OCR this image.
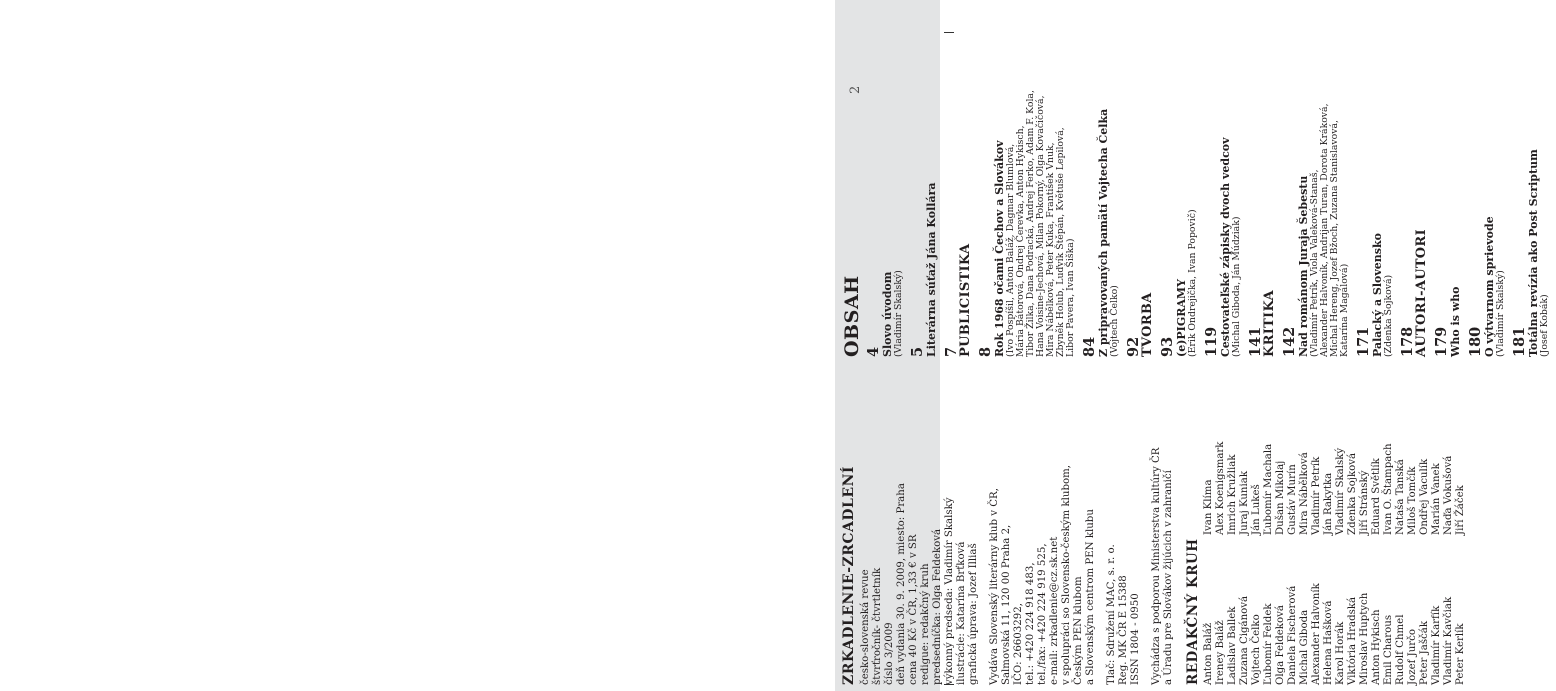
2
OBSAH 4 Slovo úvodom (Vladimír Skalský) 5 Literárna súťaž Jána Kollára 7
PUBLICISTIKA 8 Rok 1968 očami Čechov a Slovákov (Ivo Pospíšil, Anton Baláž, Dagmar Blumlová, Mária Bátorová, Ondrej Čerevka, Anton Hykisch, Tibor Žilka, Dana Podracká, Andrej Ferko, Adam F. Kola, Hana Voisine-Jechová, Milan Pokorný, Olga Kovačičová, Mira Nábělková, Peter Kuka, František Vnuk, Zbyněk Holub, Luďvík Štěpán, Květuše Lepilová, Libor Pavera, Ivan Šiška) 84 Z pripravovaných pamätí Vojtecha Čelka (Vojtech Čelko) 92
TVORBA 93 (e)PIGRAMY (Erik Ondrejička, Ivan Popovič) 119 Cestovateľské zápisky dvoch vedcov (Michal Giboda, Ján Múdziak) 141
KRITIKA 142 Nad románom Juraja Šebestu (Vladimír Petrík, Viola Valeková-Stanaš, Alexander Halvoník, Andrijan Turan, Dorota Kráková, Michal Hereng, Jozef Bžoch, Zuzana Stanislavová, Katarína Magálová) 171 Palacký a Slovensko (Zdenka Sojková) 178
AUTORI-AUTORI 179 Who is who 180 O výtvarnom sprievode (Vladimír Skalský) 181 Totálna revízia ako Post Scriptum (Josef Kobák)
ZRKADLENIE-ZRCADLENÍ česko-slovenská revue štvrťročník- čtvrtletník číslo 3/2009 deň vydania 30. 9. 2009, miesto: Praha cena 40 Kč v ČR, 1,33 € v SR redigue: redakčný kruh predsedníčka: Olga Feldeková výkonný predseda: Vladimír Skalský ilustrácie: Katarína Brťková grafická úprava: Jozef Illiaš Vydáva Slovenský literárny klub v ČR, Salmovská 11, 120 00 Praha 2, IČO: 26603292, tel.: +420 224 918 483, tel./fax: +420 224 919 525, e-mail: zrkadlenie@cz.sk.net v spolupráci so Slovensko-českým klubom, Českým PEN klubom a Slovenským centrom PEN klubu Tlač: Sdružení MAC, s. r. o. Reg. MK ČR E 15388 ISSN 1804 - 0950 Vychádza s podporou Ministerstva kultúry ČR a Úradu pre Slovákov žijúcich v zahraničí REDAKČNÝ KRUH Anton Baláž
Ivan Klíma
Ireney Baláž
Alex Koenigsmark
Ladislav Ballek
Imrich Kružliak
Zuzana Cigánová
Juraj Kuniak
Vojtech Čelko
Ján Lukeš
Ľubomír Feldek
Ľubomír Machala
Olga Feldeková
Dušan Mikolaj
Daniela Fischerová
Gustáv Murín
Michal Giboda
Mira Nábělková
Alexander Halvoník
Vladimír Petrík
Helena Hašková
Ján Rakytka
Karol Horák
Vladimír Skalský
Viktória Hradská
Zdenka Sojková
Miroslav Huptych
Jiří Stránský
Anton Hykisch
Eduard Světlík
Emil Charous
Ivan O. Štampach
Rudolf Chmel
Nataša Tanská
Jozef Jurčo
Miloš Tomčík
Peter Jaščák
Ondřej Vaculík
Vladimír Karfík
Marián Vanek
Vladimír Kavčiak
Naďa Vokušová
Peter Kerlík
Jiří Žáček
